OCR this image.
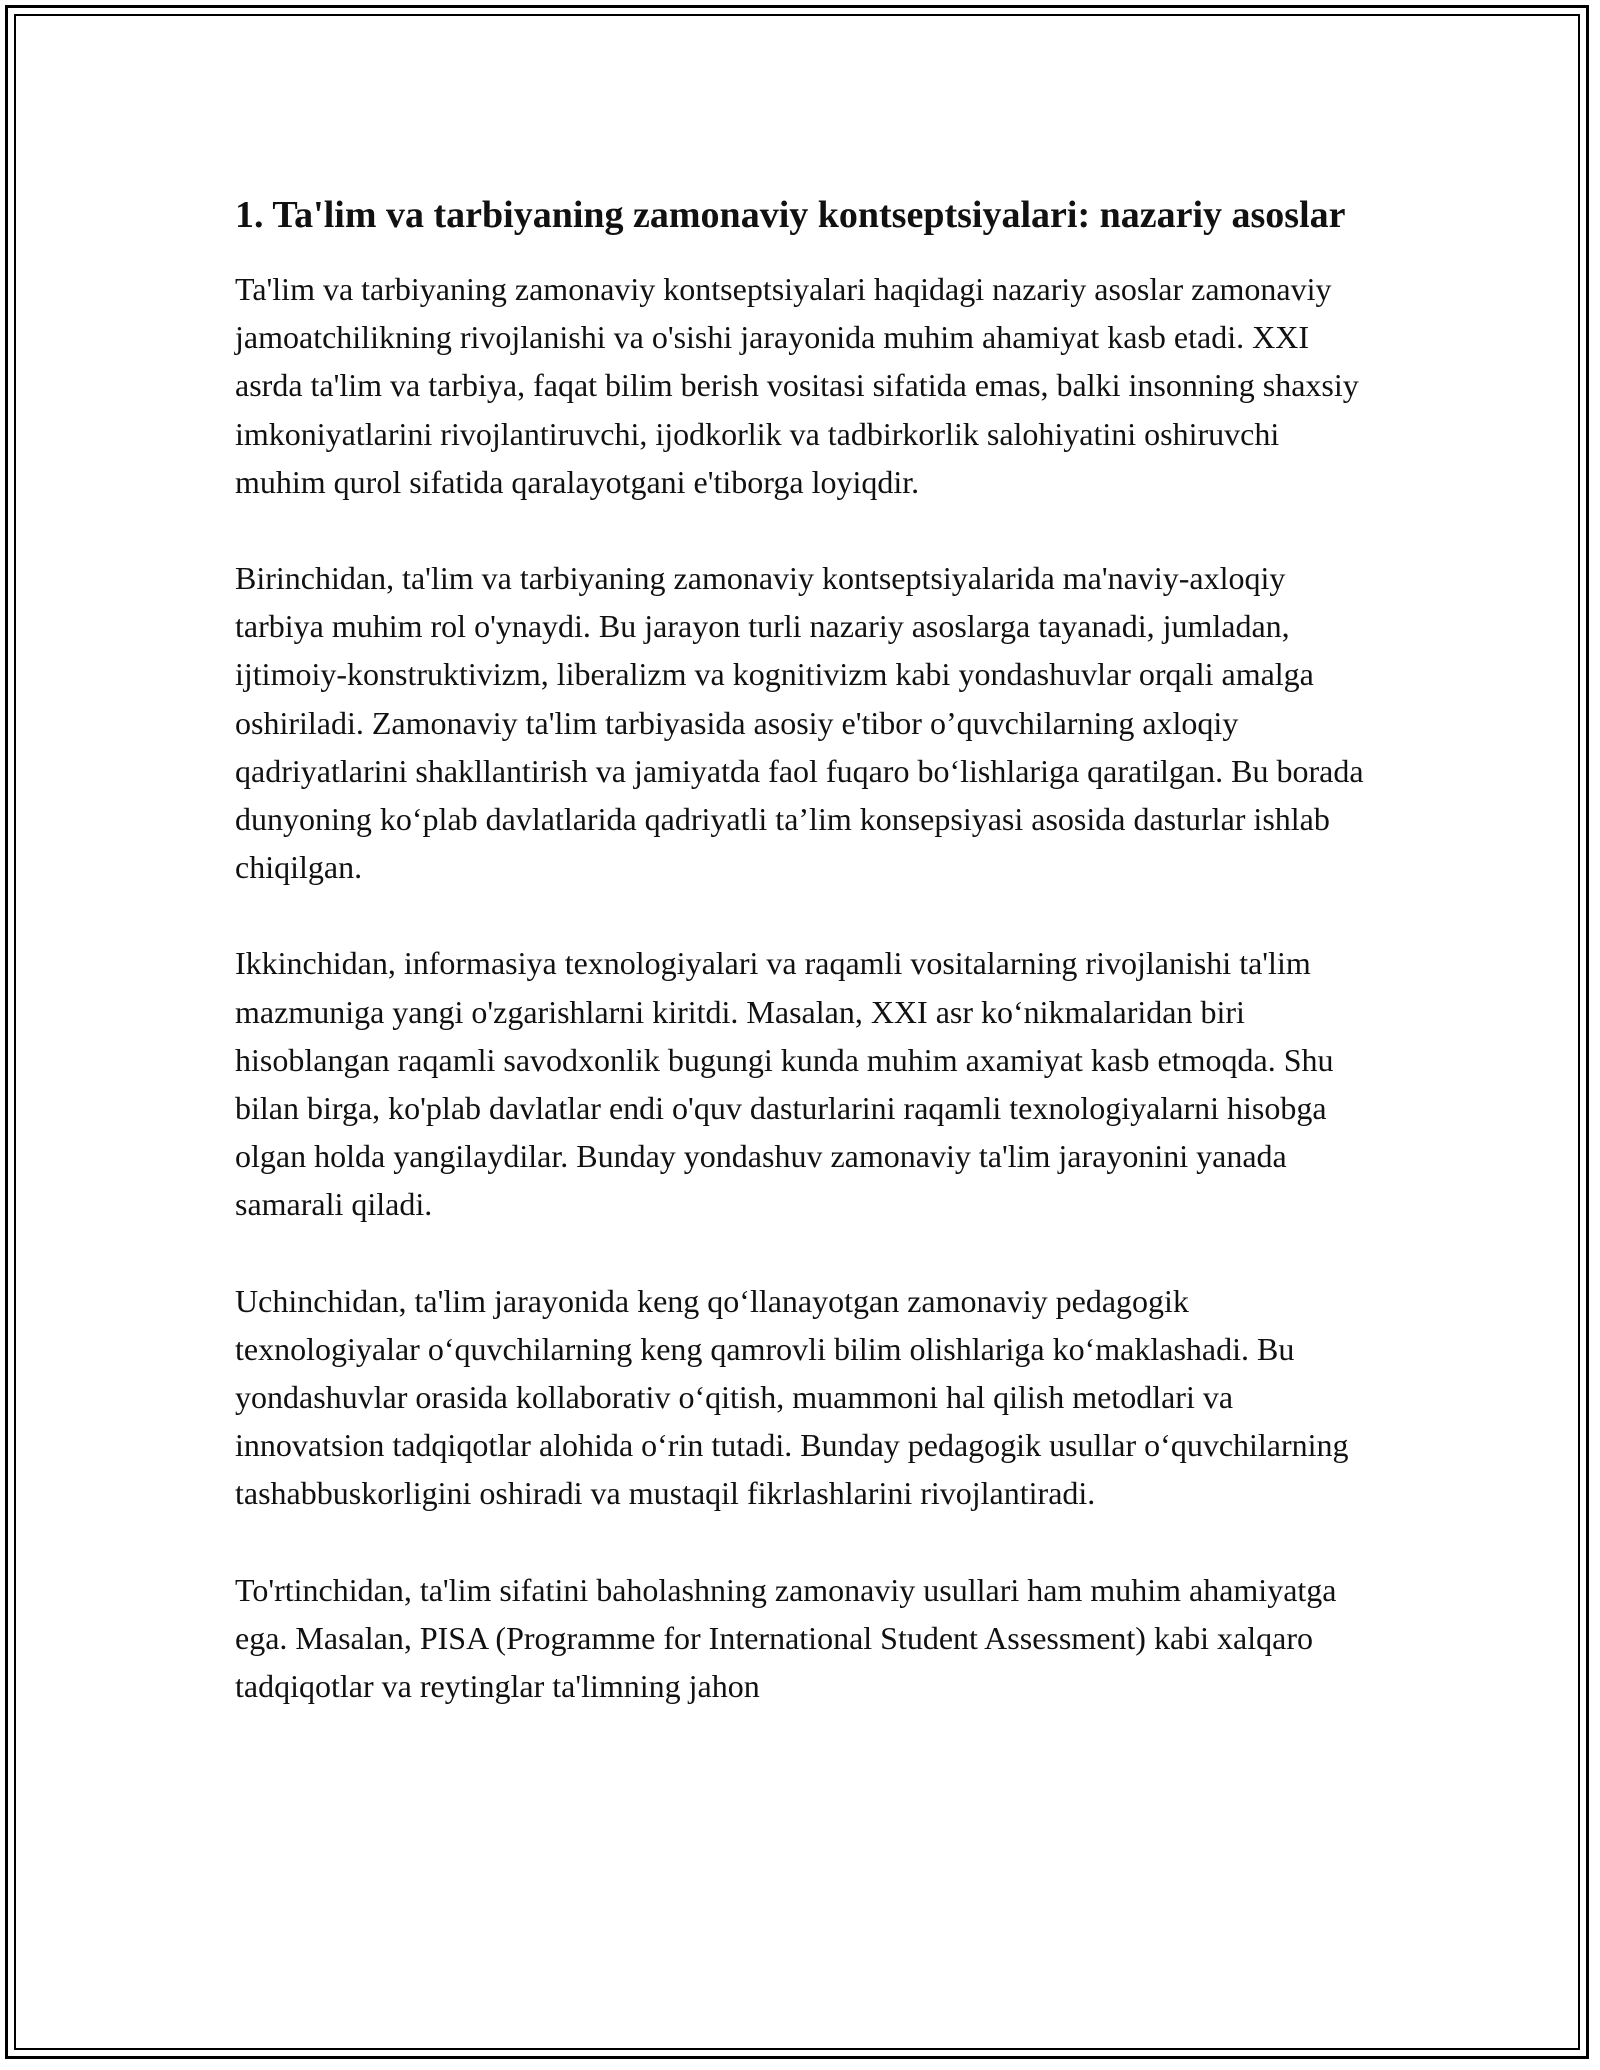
1. Ta'lim va tarbiyaning zamonaviy kontseptsiyalari: nazariy asoslar

Ta'lim va tarbiyaning zamonaviy kontseptsiyalari haqidagi nazariy asoslar zamonaviy jamoatchilikning rivojlanishi va o'sishi jarayonida muhim ahamiyat kasb etadi. XXI asrda ta'lim va tarbiya, faqat bilim berish vositasi sifatida emas, balki insonning shaxsiy imkoniyatlarini rivojlantiruvchi, ijodkorlik va tadbirkorlik salohiyatini oshiruvchi muhim qurol sifatida qaralayotgani e'tiborga loyiqdir.

Birinchidan, ta'lim va tarbiyaning zamonaviy kontseptsiyalarida ma'naviy-axloqiy tarbiya muhim rol o'ynaydi. Bu jarayon turli nazariy asoslarga tayanadi, jumladan, ijtimoiy-konstruktivizm, liberalizm va kognitivizm kabi yondashuvlar orqali amalga oshiriladi. Zamonaviy ta'lim tarbiyasida asosiy e'tibor o’quvchilarning axloqiy qadriyatlarini shakllantirish va jamiyatda faol fuqaro bo‘lishlariga qaratilgan. Bu borada dunyoning ko‘plab davlatlarida qadriyatli ta’lim konsepsiyasi asosida dasturlar ishlab chiqilgan.

Ikkinchidan, informasiya texnologiyalari va raqamli vositalarning rivojlanishi ta'lim mazmuniga yangi o'zgarishlarni kiritdi. Masalan, XXI asr ko‘nikmalaridan biri hisoblangan raqamli savodxonlik bugungi kunda muhim axamiyat kasb etmoqda. Shu bilan birga, ko'plab davlatlar endi o'quv dasturlarini raqamli texnologiyalarni hisobga olgan holda yangilaydilar. Bunday yondashuv zamonaviy ta'lim jarayonini yanada samarali qiladi.

Uchinchidan, ta'lim jarayonida keng qo‘llanayotgan zamonaviy pedagogik texnologiyalar o‘quvchilarning keng qamrovli bilim olishlariga ko‘maklashadi. Bu yondashuvlar orasida kollaborativ o‘qitish, muammoni hal qilish metodlari va innovatsion tadqiqotlar alohida o‘rin tutadi. Bunday pedagogik usullar o‘quvchilarning tashabbuskorligini oshiradi va mustaqil fikrlashlarini rivojlantiradi.

To'rtinchidan, ta'lim sifatini baholashning zamonaviy usullari ham muhim ahamiyatga ega. Masalan, PISA (Programme for International Student Assessment) kabi xalqaro tadqiqotlar va reytinglar ta'limning jahon
